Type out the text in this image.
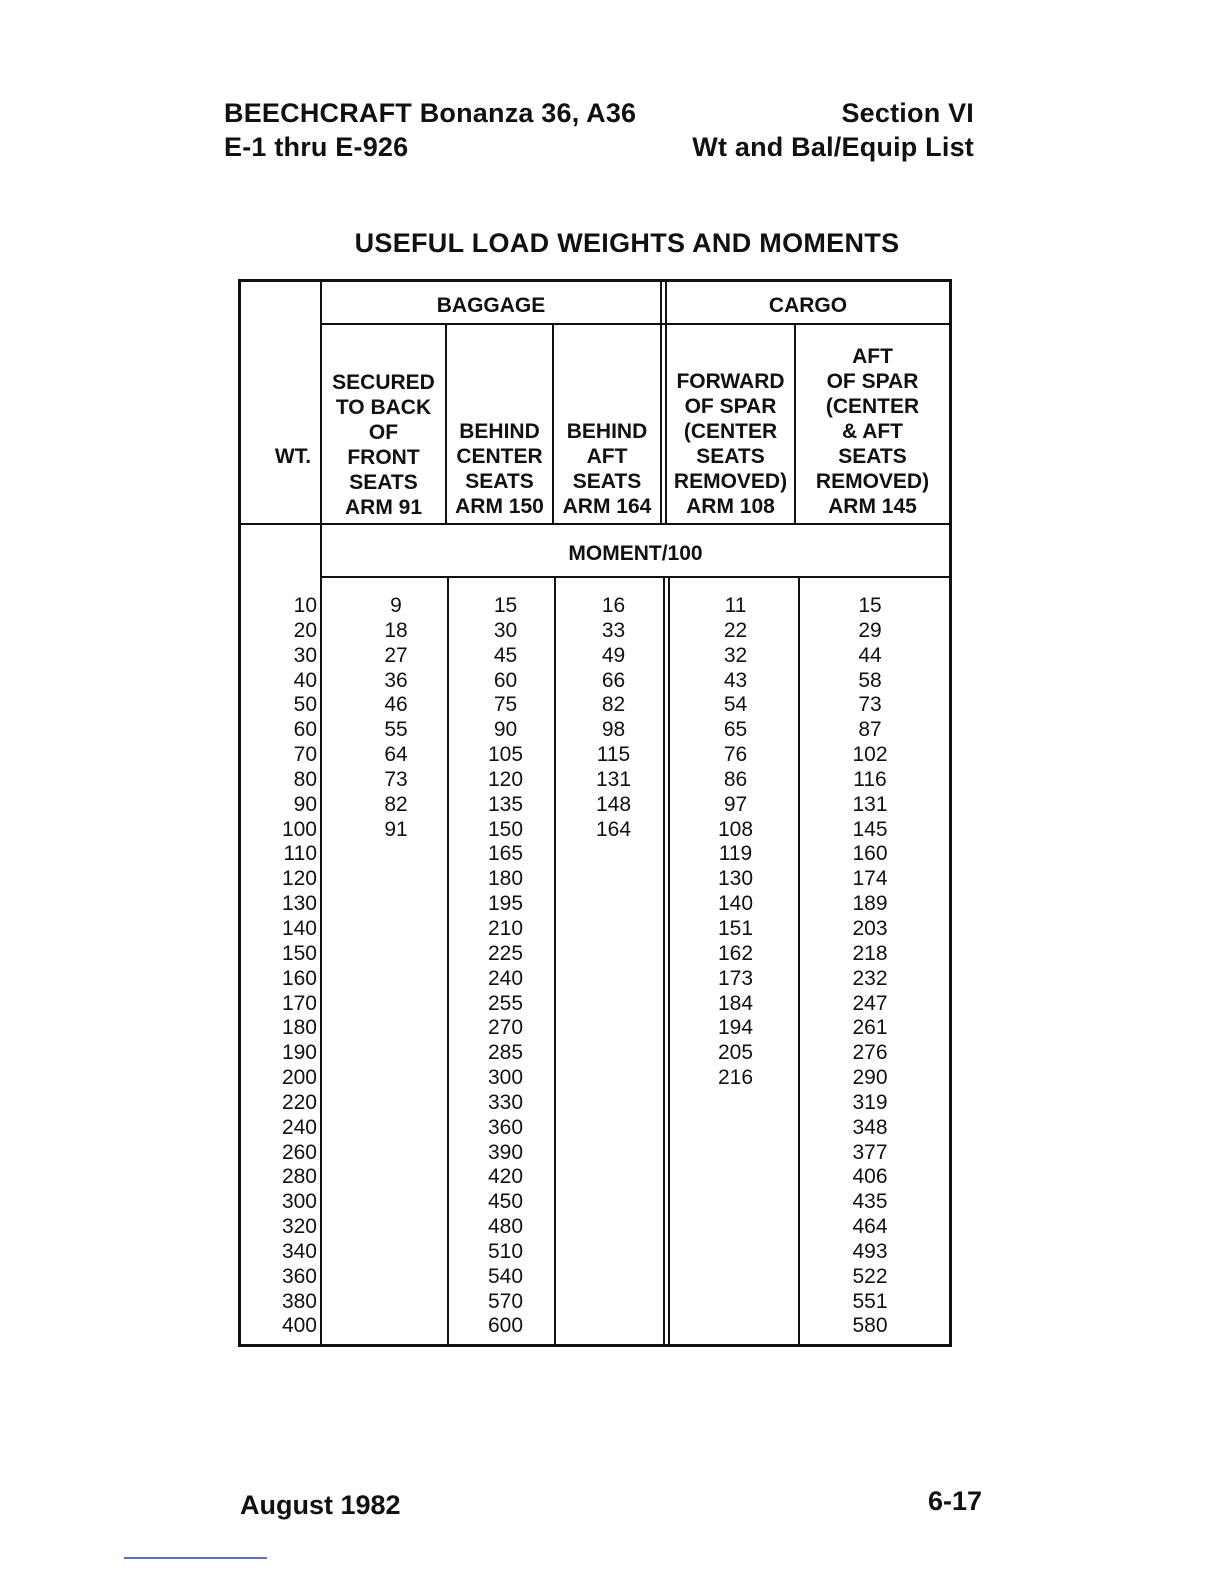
BEECHCRAFT Bonanza 36, A36
E-1 thru E-926
Section VI
Wt and Bal/Equip List
USEFUL LOAD WEIGHTS AND MOMENTS
BAGGAGE	CARGO
WT.
SECURED
TO BACK
OF
FRONT
SEATS
ARM 91
BEHIND
CENTER
SEATS
ARM 150
BEHIND
AFT
SEATS
ARM 164
FORWARD
OF SPAR
(CENTER
SEATS
REMOVED)
ARM 108
AFT
OF SPAR
(CENTER
& AFT
SEATS
REMOVED)
ARM 145
MOMENT/100
10
20
30
40
50
60
70
80
90
100
110
120
130
140
150
160
170
180
190
200
220
240
260
280
300
320
340
360
380
400
9
18
27
36
46
55
64
73
82
91
15
30
45
60
75
90
105
120
135
150
165
180
195
210
225
240
255
270
285
300
330
360
390
420
450
480
510
540
570
600
16
33
49
66
82
98
115
131
148
164
11
22
32
43
54
65
76
86
97
108
119
130
140
151
162
173
184
194
205
216
15
29
44
58
73
87
102
116
131
145
160
174
189
203
218
232
247
261
276
290
319
348
377
406
435
464
493
522
551
580
August 1982	6-17
